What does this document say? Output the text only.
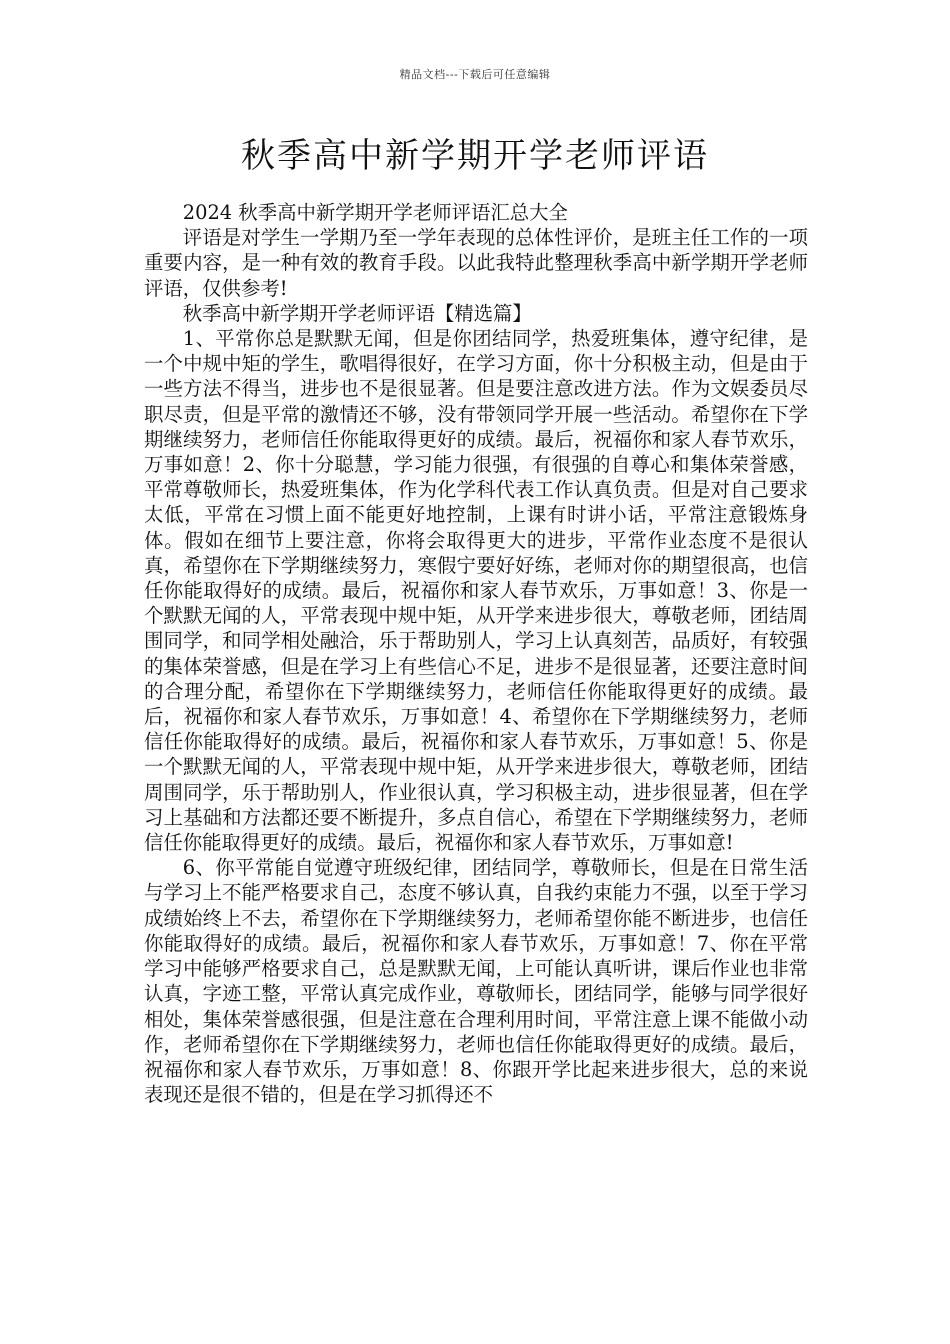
精品文档---下载后可任意编辑
秋季高中新学期开学老师评语

2024 秋季高中新学期开学老师评语汇总大全

评语是对学生一学期乃至一学年表现的总体性评价，是班主任工作的一项重要内容，是一种有效的教育手段。以此我特此整理秋季高中新学期开学老师评语，仅供参考!

秋季高中新学期开学老师评语【精选篇】

1、平常你总是默默无闻，但是你团结同学，热爱班集体，遵守纪律，是一个中规中矩的学生，歌唱得很好，在学习方面，你十分积极主动，但是由于一些方法不得当，进步也不是很显著。但是要注意改进方法。作为文娱委员尽职尽责，但是平常的激情还不够，没有带领同学开展一些活动。希望你在下学期继续努力，老师信任你能取得更好的成绩。最后，祝福你和家人春节欢乐，万事如意！2、你十分聪慧，学习能力很强，有很强的自尊心和集体荣誉感，平常尊敬师长，热爱班集体，作为化学科代表工作认真负责。但是对自己要求太低，平常在习惯上面不能更好地控制，上课有时讲小话，平常注意锻炼身体。假如在细节上要注意，你将会取得更大的进步，平常作业态度不是很认真，希望你在下学期继续努力，寒假宁要好好练，老师对你的期望很高，也信任你能取得好的成绩。最后，祝福你和家人春节欢乐，万事如意！3、你是一个默默无闻的人，平常表现中规中矩，从开学来进步很大，尊敬老师，团结周围同学，和同学相处融洽，乐于帮助别人，学习上认真刻苦，品质好，有较强的集体荣誉感，但是在学习上有些信心不足，进步不是很显著，还要注意时间的合理分配，希望你在下学期继续努力，老师信任你能取得更好的成绩。最后，祝福你和家人春节欢乐，万事如意！4、希望你在下学期继续努力，老师信任你能取得好的成绩。最后，祝福你和家人春节欢乐，万事如意！5、你是一个默默无闻的人，平常表现中规中矩，从开学来进步很大，尊敬老师，团结周围同学，乐于帮助别人，作业很认真，学习积极主动，进步很显著，但在学习上基础和方法都还要不断提升，多点自信心，希望在下学期继续努力，老师信任你能取得更好的成绩。最后，祝福你和家人春节欢乐，万事如意!

6、你平常能自觉遵守班级纪律，团结同学，尊敬师长，但是在日常生活与学习上不能严格要求自己，态度不够认真，自我约束能力不强，以至于学习成绩始终上不去，希望你在下学期继续努力，老师希望你能不断进步，也信任你能取得好的成绩。最后，祝福你和家人春节欢乐，万事如意！7、你在平常学习中能够严格要求自己，总是默默无闻，上可能认真听讲，课后作业也非常认真，字迹工整，平常认真完成作业，尊敬师长，团结同学，能够与同学很好相处，集体荣誉感很强，但是注意在合理利用时间，平常注意上课不能做小动作，老师希望你在下学期继续努力，老师也信任你能取得更好的成绩。最后，祝福你和家人春节欢乐，万事如意！8、你跟开学比起来进步很大，总的来说表现还是很不错的，但是在学习抓得还不
